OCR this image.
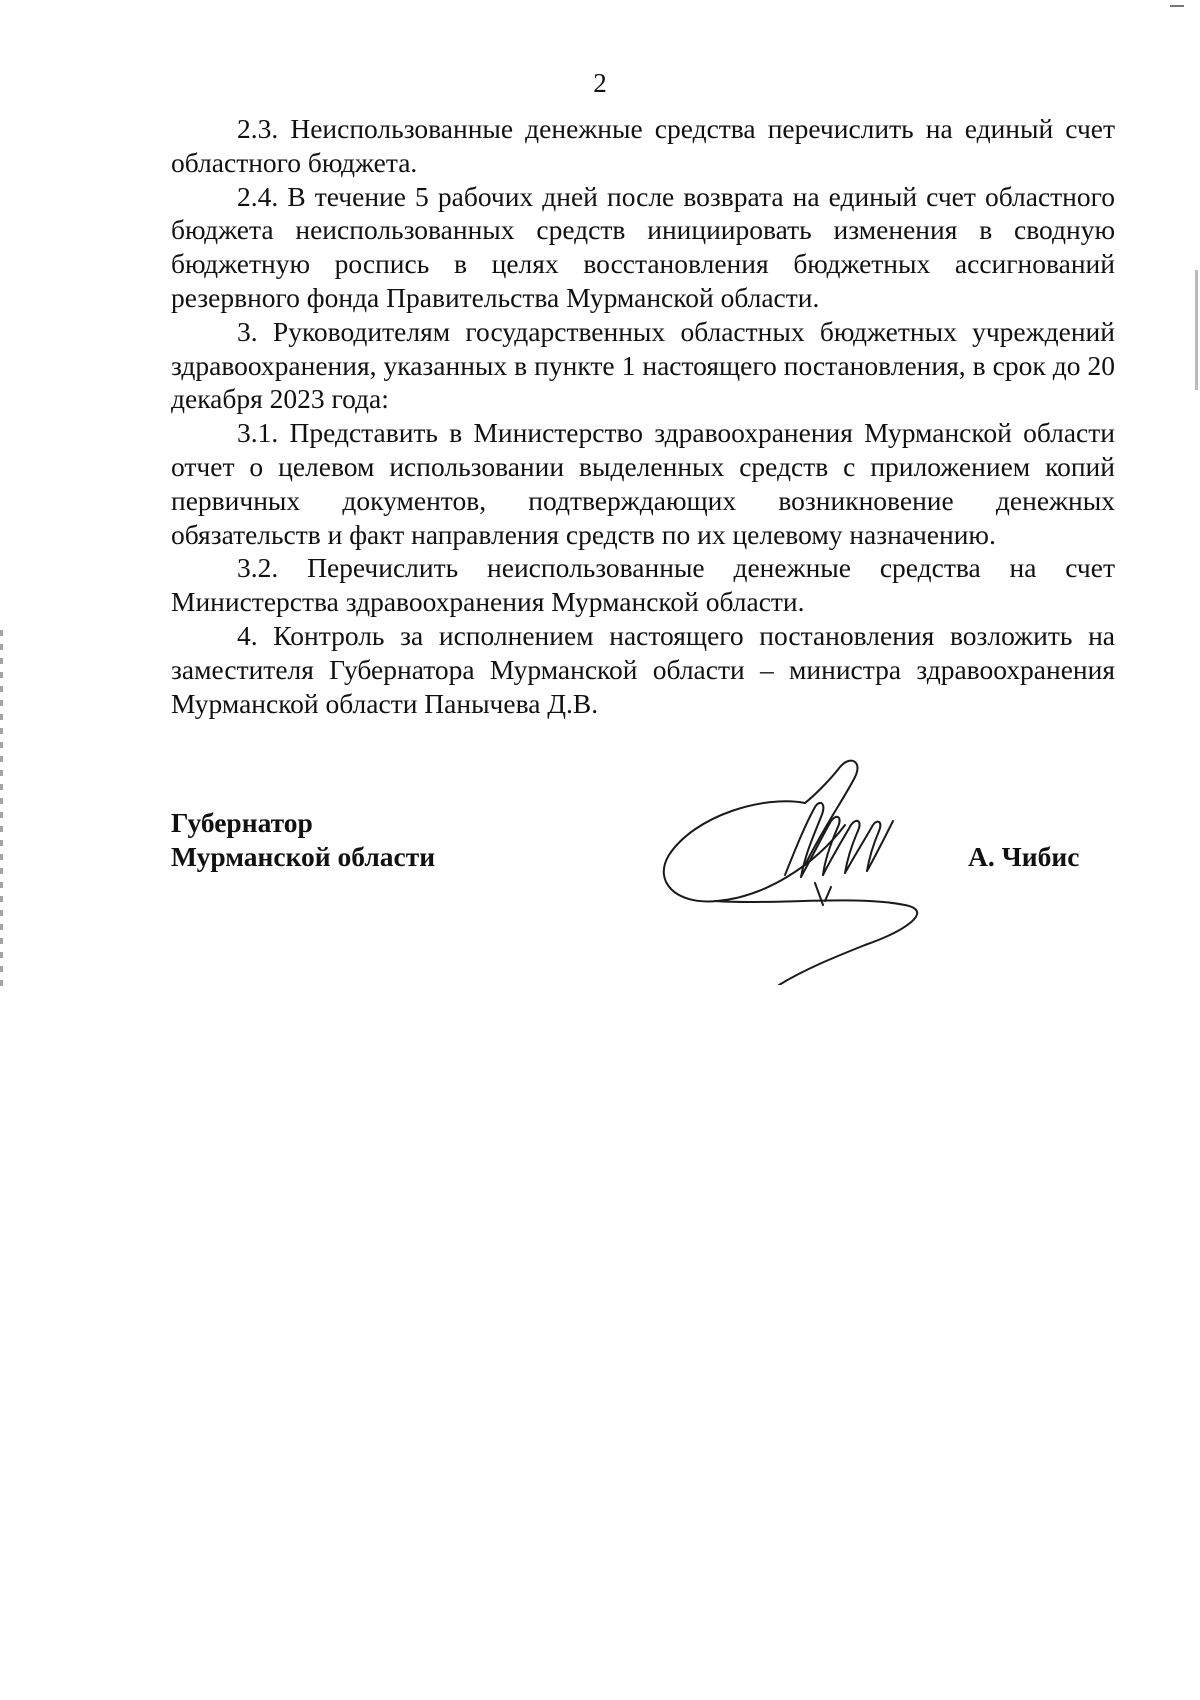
2

2.3. Неиспользованные денежные средства перечислить на единый счет областного бюджета.

2.4. В течение 5 рабочих дней после возврата на единый счет областного бюджета неиспользованных средств инициировать изменения в сводную бюджетную роспись в целях восстановления бюджетных ассигнований резервного фонда Правительства Мурманской области.

3. Руководителям государственных областных бюджетных учреждений здравоохранения, указанных в пункте 1 настоящего постановления, в срок до 20 декабря 2023 года:

3.1. Представить в Министерство здравоохранения Мурманской области отчет о целевом использовании выделенных средств с приложением копий первичных документов, подтверждающих возникновение денежных обязательств и факт направления средств по их целевому назначению.

3.2. Перечислить неиспользованные денежные средства на счет Министерства здравоохранения Мурманской области.

4. Контроль за исполнением настоящего постановления возложить на заместителя Губернатора Мурманской области – министра здравоохранения Мурманской области Панычева Д.В.

Губернатор
Мурманской области	А. Чибис
